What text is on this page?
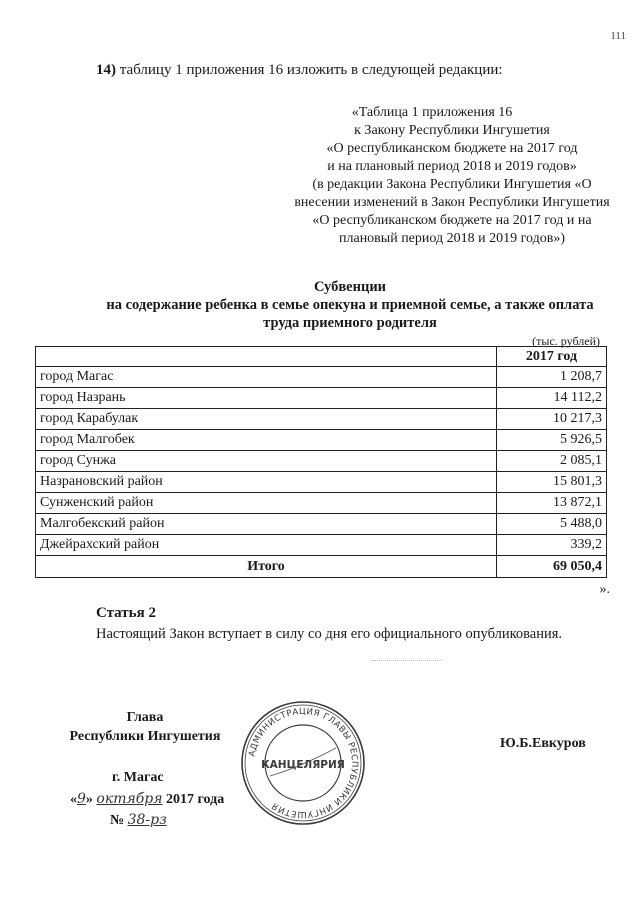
111
14) таблицу 1 приложения 16 изложить в следующей редакции:
«Таблица 1 приложения 16
к Закону Республики Ингушетия
«О республиканском бюджете на 2017 год
и на плановый период 2018 и 2019 годов»
(в редакции Закона Республики Ингушетия «О
внесении изменений в Закон Республики Ингушетия
«О республиканском бюджете на 2017 год и на
плановый период 2018 и 2019 годов»)
Субвенции
на содержание ребенка в семье опекуна и приемной семье, а также оплата
труда приемного родителя
(тыс. рублей)
	2017 год
город Магас	1 208,7
город Назрань	14 112,2
город Карабулак	10 217,3
город Малгобек	5 926,5
город Сунжа	2 085,1
Назрановский район	15 801,3
Сунженский район	13 872,1
Малгобекский район	5 488,0
Джейрахский район	339,2
Итого	69 050,4
».
Статья 2
Настоящий Закон вступает в силу со дня его официального опубликования.
Глава
Республики Ингушетия	Ю.Б.Евкуров
г. Магас
«9» октября 2017 года
№ 38-рз
АДМИНИСТРАЦИЯ ГЛАВЫ РЕСПУБЛИКИ ИНГУШЕТИЯ
КАНЦЕЛЯРИЯ
